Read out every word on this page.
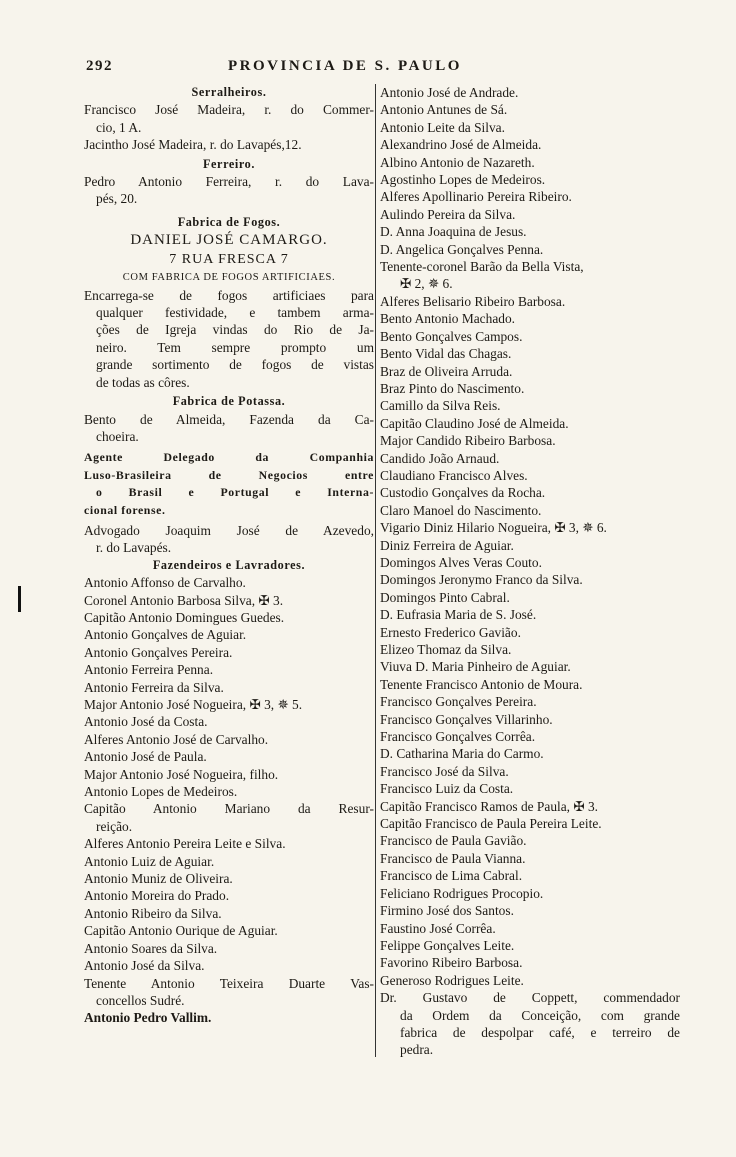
292	PROVINCIA DE S. PAULO
Serralheiros.
Francisco José Madeira, r. do Commer-
cio, 1 A.
Jacintho José Madeira, r. do Lavapés,12.
Ferreiro.
Pedro Antonio Ferreira, r. do Lava-
pés, 20.
Fabrica de Fogos.
DANIEL JOSÉ CAMARGO.
7 RUA FRESCA 7
COM FABRICA DE FOGOS ARTIFICIAES.
Encarrega-se de fogos artificiaes para
qualquer festividade, e tambem arma-
ções de Igreja vindas do Rio de Ja-
neiro. Tem sempre prompto um
grande sortimento de fogos de vistas
de todas as côres.
Fabrica de Potassa.
Bento de Almeida, Fazenda da Ca-
choeira.
Agente Delegado da Companhia
Luso-Brasileira de Negocios entre
o Brasil e Portugal e Interna-
cional forense.
Advogado Joaquim José de Azevedo,
r. do Lavapés.
Fazendeiros e Lavradores.
Antonio Affonso de Carvalho.
Coronel Antonio Barbosa Silva, ✠ 3.
Capitão Antonio Domingues Guedes.
Antonio Gonçalves de Aguiar.
Antonio Gonçalves Pereira.
Antonio Ferreira Penna.
Antonio Ferreira da Silva.
Major Antonio José Nogueira, ✠ 3, ✵ 5.
Antonio José da Costa.
Alferes Antonio José de Carvalho.
Antonio José de Paula.
Major Antonio José Nogueira, filho.
Antonio Lopes de Medeiros.
Capitão Antonio Mariano da Resur-
reição.
Alferes Antonio Pereira Leite e Silva.
Antonio Luiz de Aguiar.
Antonio Muniz de Oliveira.
Antonio Moreira do Prado.
Antonio Ribeiro da Silva.
Capitão Antonio Ourique de Aguiar.
Antonio Soares da Silva.
Antonio José da Silva.
Tenente Antonio Teixeira Duarte Vas-
concellos Sudré.
Antonio Pedro Vallim.
Antonio José de Andrade.
Antonio Antunes de Sá.
Antonio Leite da Silva.
Alexandrino José de Almeida.
Albino Antonio de Nazareth.
Agostinho Lopes de Medeiros.
Alferes Apollinario Pereira Ribeiro.
Aulindo Pereira da Silva.
D. Anna Joaquina de Jesus.
D. Angelica Gonçalves Penna.
Tenente-coronel Barão da Bella Vista,
✠ 2, ✵ 6.
Alferes Belisario Ribeiro Barbosa.
Bento Antonio Machado.
Bento Gonçalves Campos.
Bento Vidal das Chagas.
Braz de Oliveira Arruda.
Braz Pinto do Nascimento.
Camillo da Silva Reis.
Capitão Claudino José de Almeida.
Major Candido Ribeiro Barbosa.
Candido João Arnaud.
Claudiano Francisco Alves.
Custodio Gonçalves da Rocha.
Claro Manoel do Nascimento.
Vigario Diniz Hilario Nogueira, ✠ 3, ✵ 6.
Diniz Ferreira de Aguiar.
Domingos Alves Veras Couto.
Domingos Jeronymo Franco da Silva.
Domingos Pinto Cabral.
D. Eufrasia Maria de S. José.
Ernesto Frederico Gavião.
Elizeo Thomaz da Silva.
Viuva D. Maria Pinheiro de Aguiar.
Tenente Francisco Antonio de Moura.
Francisco Gonçalves Pereira.
Francisco Gonçalves Villarinho.
Francisco Gonçalves Corrêa.
D. Catharina Maria do Carmo.
Francisco José da Silva.
Francisco Luiz da Costa.
Capitão Francisco Ramos de Paula, ✠ 3.
Capitão Francisco de Paula Pereira Leite.
Francisco de Paula Gavião.
Francisco de Paula Vianna.
Francisco de Lima Cabral.
Feliciano Rodrigues Procopio.
Firmino José dos Santos.
Faustino José Corrêa.
Felippe Gonçalves Leite.
Favorino Ribeiro Barbosa.
Generoso Rodrigues Leite.
Dr. Gustavo de Coppett, commendador
da Ordem da Conceição, com grande
fabrica de despolpar café, e terreiro de
pedra.
